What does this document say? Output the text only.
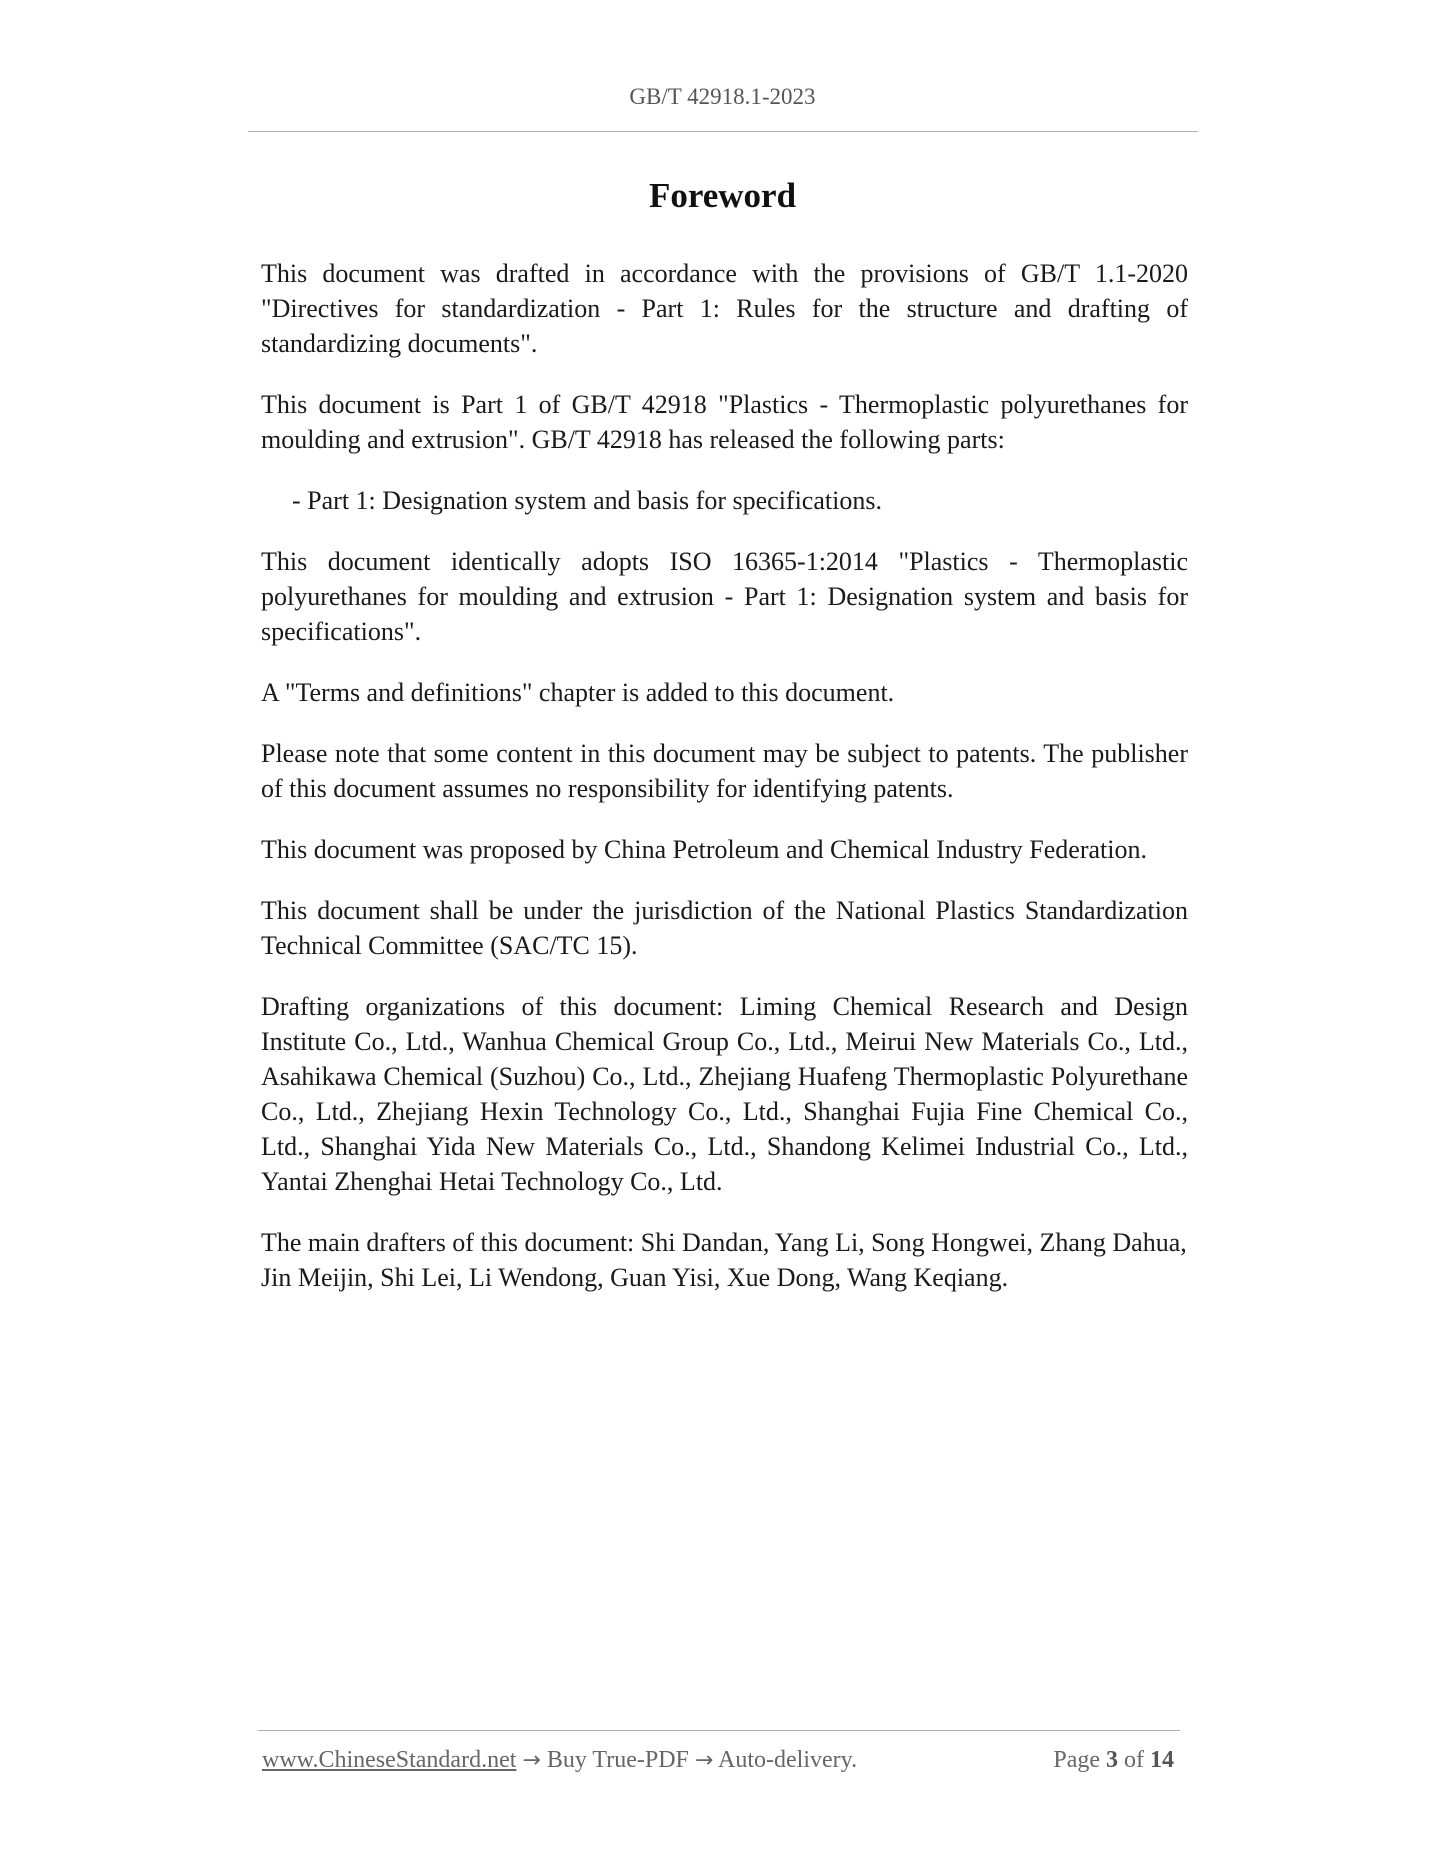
GB/T 42918.1-2023
Foreword

This document was drafted in accordance with the provisions of GB/T 1.1-2020 "Directives for standardization - Part 1: Rules for the structure and drafting of standardizing documents".

This document is Part 1 of GB/T 42918 "Plastics - Thermoplastic polyurethanes for moulding and extrusion". GB/T 42918 has released the following parts:

- Part 1: Designation system and basis for specifications.

This document identically adopts ISO 16365-1:2014 "Plastics - Thermoplastic polyurethanes for moulding and extrusion - Part 1: Designation system and basis for specifications".

A "Terms and definitions" chapter is added to this document.

Please note that some content in this document may be subject to patents. The publisher of this document assumes no responsibility for identifying patents.

This document was proposed by China Petroleum and Chemical Industry Federation.

This document shall be under the jurisdiction of the National Plastics Standardization Technical Committee (SAC/TC 15).

Drafting organizations of this document: Liming Chemical Research and Design Institute Co., Ltd., Wanhua Chemical Group Co., Ltd., Meirui New Materials Co., Ltd., Asahikawa Chemical (Suzhou) Co., Ltd., Zhejiang Huafeng Thermoplastic Polyurethane Co., Ltd., Zhejiang Hexin Technology Co., Ltd., Shanghai Fujia Fine Chemical Co., Ltd., Shanghai Yida New Materials Co., Ltd., Shandong Kelimei Industrial Co., Ltd., Yantai Zhenghai Hetai Technology Co., Ltd.

The main drafters of this document: Shi Dandan, Yang Li, Song Hongwei, Zhang Dahua, Jin Meijin, Shi Lei, Li Wendong, Guan Yisi, Xue Dong, Wang Keqiang.

www.ChineseStandard.net → Buy True-PDF → Auto-delivery.	Page 3 of 14
